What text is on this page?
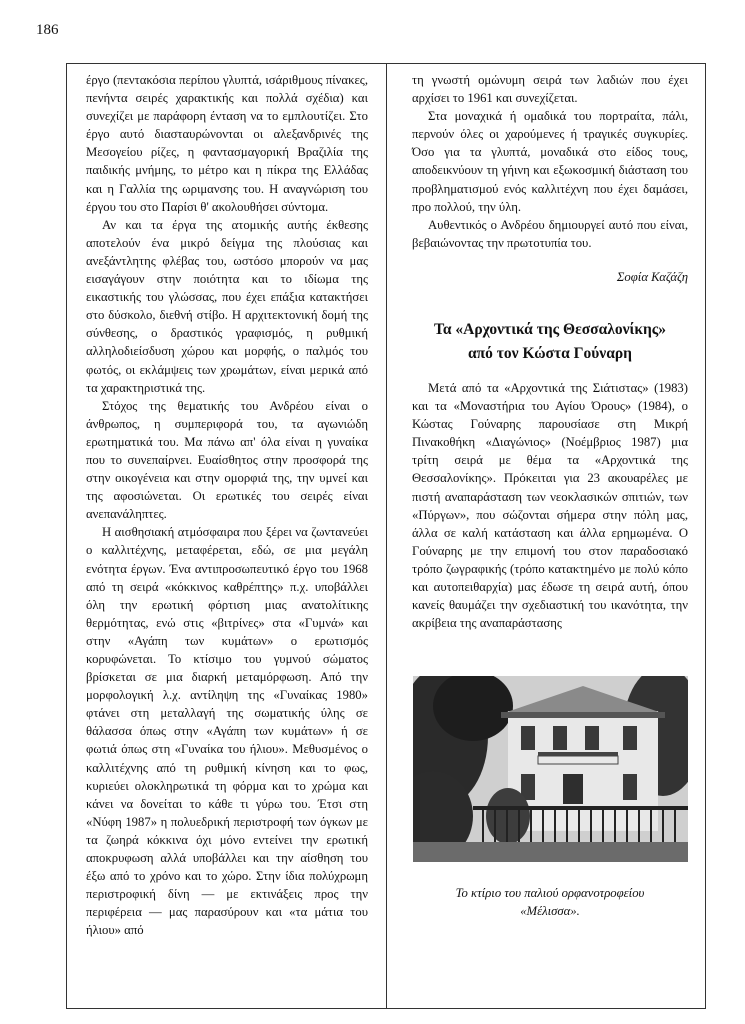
186

έργο (πεντακόσια περίπου γλυπτά, ισάριθμους πίνακες, πενήντα σειρές χαρακτικής και πολλά σχέδια) και συνεχίζει με παράφορη ένταση να το εμπλουτίζει. Στο έργο αυτό διασταυρώνονται οι αλεξανδρινές της Μεσογείου ρίζες, η φαντασμαγορική Βραζιλία της παιδικής μνήμης, το μέτρο και η πίκρα της Ελλάδας και η Γαλλία της ωριμανσης του. Η αναγνώριση του έργου του στο Παρίσι θ' ακολουθήσει σύντομα.

Αν και τα έργα της ατομικής αυτής έκθεσης αποτελούν ένα μικρό δείγμα της πλούσιας και ανεξάντλητης φλέβας του, ωστόσο μπορούν να μας εισαγάγουν στην ποιότητα και το ιδίωμα της εικαστικής του γλώσσας, που έχει επάξια κατακτήσει στο δύσκολο, διεθνή στίβο. Η αρχιτεκτονική δομή της σύνθεσης, ο δραστικός γραφισμός, η ρυθμική αλληλοδιείσδυση χώρου και μορφής, ο παλμός του φωτός, οι εκλάμψεις των χρωμάτων, είναι μερικά από τα χαρακτηριστικά της.

Στόχος της θεματικής του Ανδρέου είναι ο άνθρωπος, η συμπεριφορά του, τα αγωνιώδη ερωτηματικά του. Μα πάνω απ' όλα είναι η γυναίκα που το συνεπαίρνει. Ευαίσθητος στην προσφορά της στην οικογένεια και στην ομορφιά της, την υμνεί και της αφοσιώνεται. Οι ερωτικές του σειρές είναι ανεπανάληπτες.

Η αισθησιακή ατμόσφαιρα που ξέρει να ζωντανεύει ο καλλιτέχνης, μεταφέρεται, εδώ, σε μια μεγάλη ενότητα έργων. Ένα αντιπροσωπευτικό έργο του 1968 από τη σειρά «κόκκινος καθρέπτης» π.χ. υποβάλλει όλη την ερωτική φόρτιση μιας ανατολίτικης θερμότητας, ενώ στις «βιτρίνες» στα «Γυμνά» και στην «Αγάπη των κυμάτων» ο ερωτισμός κορυφώνεται. Το κτίσιμο του γυμνού σώματος βρίσκεται σε μια διαρκή μεταμόρφωση. Από την μορφολογική λ.χ. αντίληψη της «Γυναίκας 1980» φτάνει στη μεταλλαγή της σωματικής ύλης σε θάλασσα όπως στην «Αγάπη των κυμάτων» ή σε φωτιά όπως στη «Γυναίκα του ήλιου». Μεθυσμένος ο καλλιτέχνης από τη ρυθμική κίνηση και το φως, κυριεύει ολοκληρωτικά τη φόρμα και το χρώμα και κάνει να δονείται το κάθε τι γύρω του. Έτσι στη «Νύφη 1987» η πολυεδρική περιστροφή των όγκων με τα ζωηρά κόκκινα όχι μόνο εντείνει την ερωτική αποκρυφωση αλλά υποβάλλει και την αίσθηση του έξω από το χρόνο και το χώρο. Στην ίδια πολύχρωμη περιστροφική δίνη — με εκτινάξεις προς την περιφέρεια — μας παρασύρουν και «τα μάτια του ήλιου» από

τη γνωστή ομώνυμη σειρά των λαδιών που έχει αρχίσει το 1961 και συνεχίζεται.

Στα μοναχικά ή ομαδικά του πορτραίτα, πάλι, περνούν όλες οι χαρούμενες ή τραγικές συγκυρίες. Όσο για τα γλυπτά, μοναδικά στο είδος τους, αποδεικνύουν τη γήινη και εξωκοσμική διάσταση του προβληματισμού ενός καλλιτέχνη που έχει δαμάσει, προ πολλού, την ύλη.

Αυθεντικός ο Ανδρέου δημιουργεί αυτό που είναι, βεβαιώνοντας την πρωτοτυπία του.

Σοφία Καζάζη
Τα «Αρχοντικά της Θεσσαλονίκης»
από τον Κώστα Γούναρη

Μετά από τα «Αρχοντικά της Σιάτιστας» (1983) και τα «Μοναστήρια του Αγίου Όρους» (1984), ο Κώστας Γούναρης παρουσίασε στη Μικρή Πινακοθήκη «Διαγώνιος» (Νοέμβριος 1987) μια τρίτη σειρά με θέμα τα «Αρχοντικά της Θεσσαλονίκης». Πρόκειται για 23 ακουαρέλες με πιστή αναπαράσταση των νεοκλασικών σπιτιών, των «Πύργων», που σώζονται σήμερα στην πόλη μας, άλλα σε καλή κατάσταση και άλλα ερημωμένα. Ο Γούναρης με την επιμονή του στον παραδοσιακό τρόπο ζωγραφικής (τρόπο κατακτημένο με πολύ κόπο και αυτοπειθαρχία) μας έδωσε τη σειρά αυτή, όπου κανείς θαυμάζει την σχεδιαστική του ικανότητα, την ακρίβεια της αναπαράστασης

Το κτίριο του παλιού ορφανοτροφείου
«Μέλισσα».
